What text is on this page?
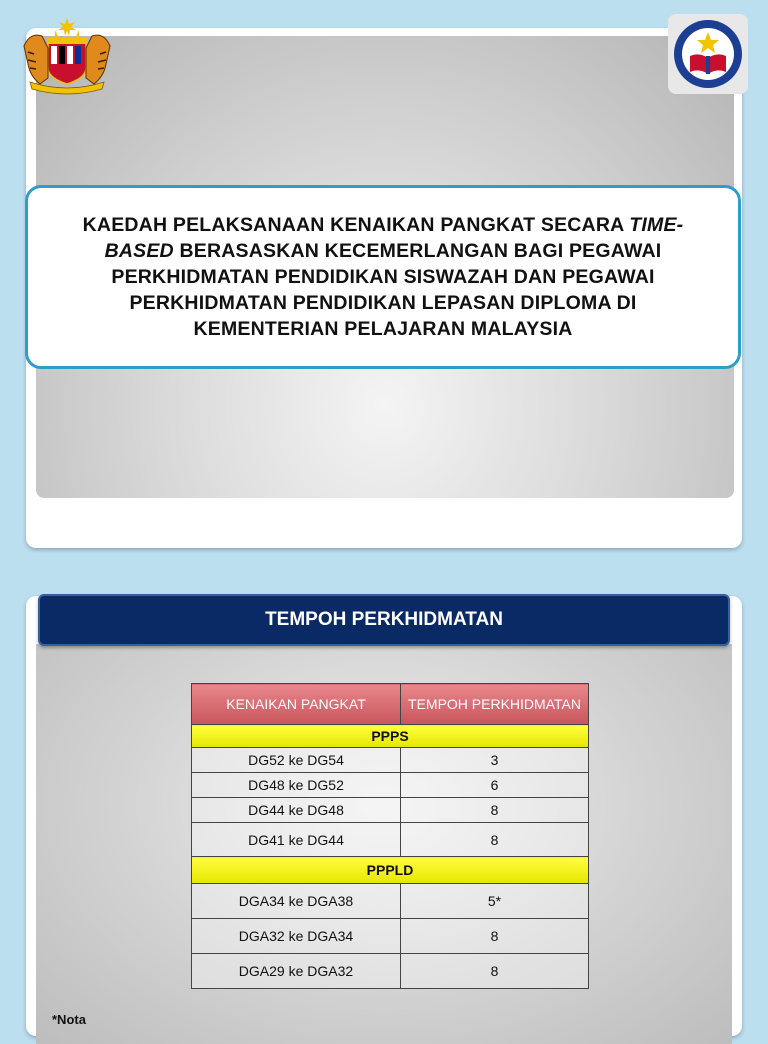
KAEDAH PELAKSANAAN KENAIKAN PANGKAT SECARA TIME-BASED BERASASKAN KECEMERLANGAN BAGI PEGAWAI PERKHIDMATAN PENDIDIKAN SISWAZAH DAN PEGAWAI PERKHIDMATAN PENDIDIKAN LEPASAN DIPLOMA DI KEMENTERIAN PELAJARAN MALAYSIA
TEMPOH PERKHIDMATAN
KENAIKAN PANGKAT	TEMPOH PERKHIDMATAN
PPPS	
DG52 ke DG54	3
DG48 ke DG52	6
DG44 ke DG48	8
DG41 ke DG44	8
PPPLD	
DGA34 ke DGA38	5*
DGA32 ke DGA34	8
DGA29 ke DGA32	8
*Nota
